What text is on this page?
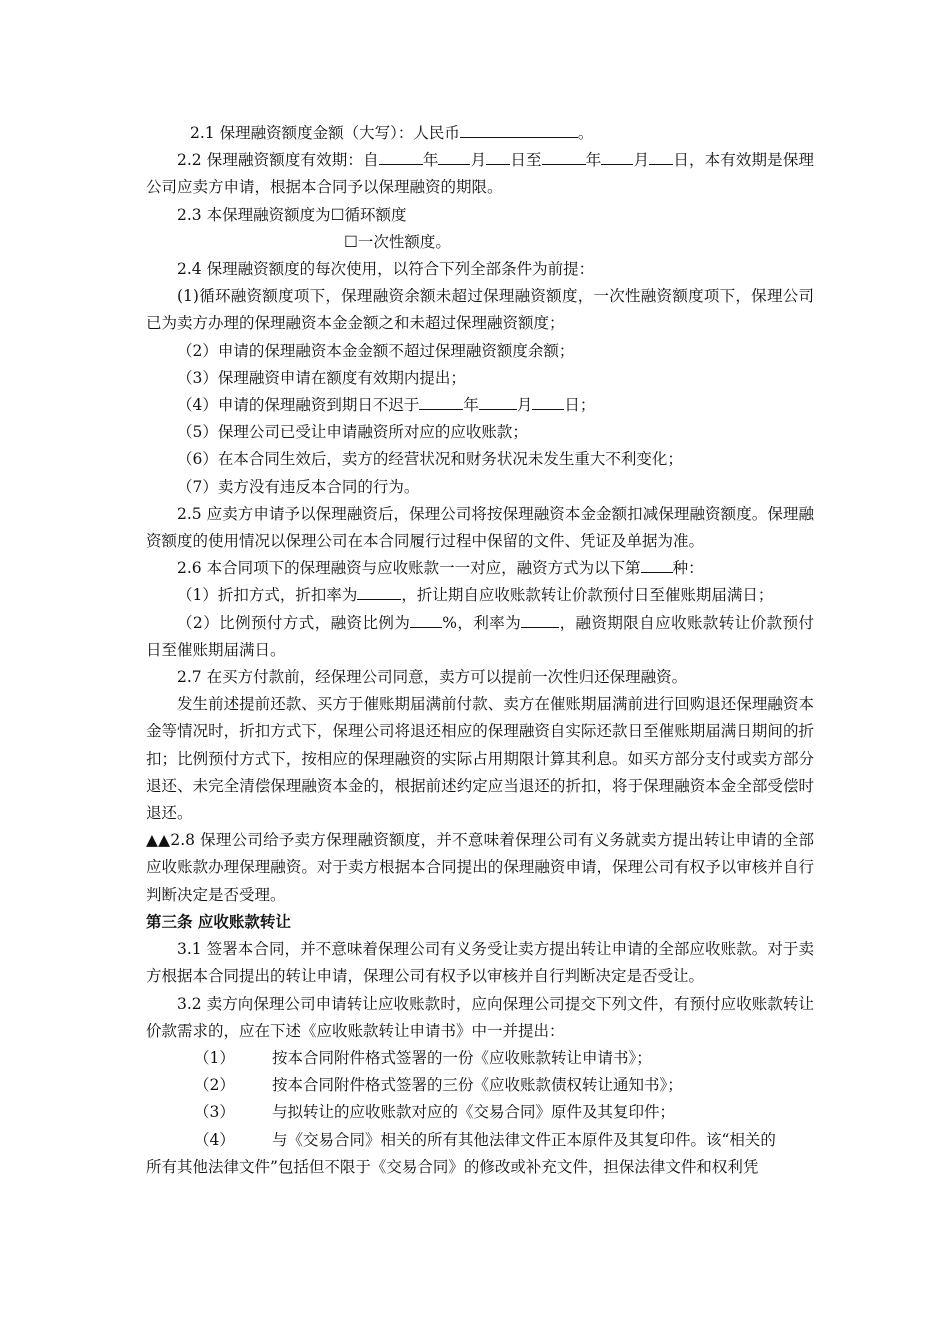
2.1 保理融资额度金额（大写）：人民币	。

2.2 保理融资额度有效期：自	年 月 日至	年 月 日，本有效期是保理公司应卖方申请，根据本合同予以保理融资的期限。

2.3 本保理融资额度为☐循环额度

☐一次性额度。

2.4 保理融资额度的每次使用，以符合下列全部条件为前提：

(1)循环融资额度项下，保理融资余额未超过保理融资额度，一次性融资额度项下，保理公司已为卖方办理的保理融资本金金额之和未超过保理融资额度；

（2）申请的保理融资本金金额不超过保理融资额度余额；

（3）保理融资申请在额度有效期内提出；

（4）申请的保理融资到期日不迟于	年 月 日；

（5）保理公司已受让申请融资所对应的应收账款；

（6）在本合同生效后，卖方的经营状况和财务状况未发生重大不利变化；

（7）卖方没有违反本合同的行为。

2.5 应卖方申请予以保理融资后，保理公司将按保理融资本金金额扣减保理融资额度。保理融资额度的使用情况以保理公司在本合同履行过程中保留的文件、凭证及单据为准。

2.6 本合同项下的保理融资与应收账款一一对应，融资方式为以下第 种：

（1）折扣方式，折扣率为	，折让期自应收账款转让价款预付日至催账期届满日；

（2）比例预付方式，融资比例为 %，利率为 ，融资期限自应收账款转让价款预付日至催账期届满日。

2.7 在买方付款前，经保理公司同意，卖方可以提前一次性归还保理融资。

发生前述提前还款、买方于催账期届满前付款、卖方在催账期届满前进行回购退还保理融资本金等情况时，折扣方式下，保理公司将退还相应的保理融资自实际还款日至催账期届满日期间的折扣；比例预付方式下，按相应的保理融资的实际占用期限计算其利息。如买方部分支付或卖方部分退还、未完全清偿保理融资本金的，根据前述约定应当退还的折扣，将于保理融资本金全部受偿时退还。

▲▲2.8 保理公司给予卖方保理融资额度，并不意味着保理公司有义务就卖方提出转让申请的全部应收账款办理保理融资。对于卖方根据本合同提出的保理融资申请，保理公司有权予以审核并自行判断决定是否受理。

第三条 应收账款转让

3.1 签署本合同，并不意味着保理公司有义务受让卖方提出转让申请的全部应收账款。对于卖方根据本合同提出的转让申请，保理公司有权予以审核并自行判断决定是否受让。

3.2 卖方向保理公司申请转让应收账款时，应向保理公司提交下列文件，有预付应收账款转让价款需求的，应在下述《应收账款转让申请书》中一并提出：

（1）	按本合同附件格式签署的一份《应收账款转让申请书》；
（2）	按本合同附件格式签署的三份《应收账款债权转让通知书》；
（3）	与拟转让的应收账款对应的《交易合同》原件及其复印件；
（4）	与《交易合同》相关的所有其他法律文件正本原件及其复印件。该“相关的

所有其他法律文件”包括但不限于《交易合同》的修改或补充文件，担保法律文件和权利凭
